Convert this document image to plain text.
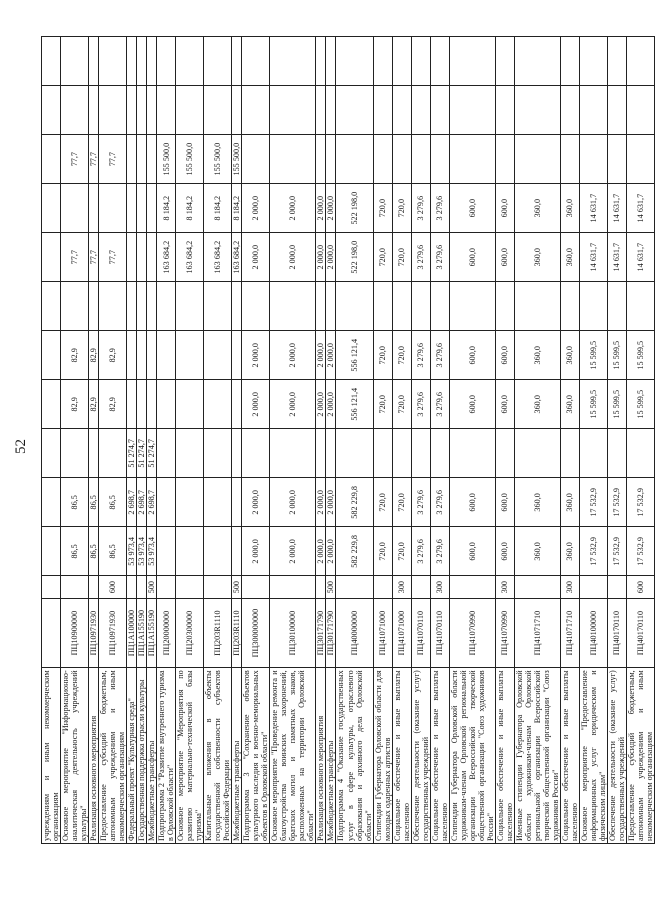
52
учреждениям и иным некоммерческим организациям													
Основное мероприятие "Информационно-аналитическая деятельность учреждений культуры"	ПЦ10900000		86,5	86,5		82,9	82,9		77,7		77,7		
Реализация основного мероприятия	ПЦ10971930		86,5	86,5		82,9	82,9		77,7		77,7		
Предоставление субсидий бюджетным, автономным учреждениям и иным некоммерческим организациям	ПЦ10971930	600	86,5	86,5		82,9	82,9		77,7		77,7		
Федеральный проект "Культурная среда"	ПЦ1А100000		53 973,4	2 698,7	51 274,7								
Государственная поддержка отрасли культуры	ПЦ1А155190		53 973,4	2 698,7	51 274,7								
Межбюджетные трансферты	ПЦ1А155190	500	53 973,4	2 698,7	51 274,7								
Подпрограмма 2 "Развитие внутреннего туризма в Орловской области"	ПЦ20000000								163 684,2	8 184,2	155 500,0		
Основное мероприятие "Мероприятия по развитию материально-технической базы туризма"	ПЦ20300000								163 684,2	8 184,2	155 500,0		
Капитальные вложения в объекты государственной собственности субъектов Российской Федерации	ПЦ203R1110								163 684,2	8 184,2	155 500,0		
Межбюджетные трансферты	ПЦ203R1110	500							163 684,2	8 184,2	155 500,0		
Подпрограмма 3 "Сохранение объектов культурного наследия и военно-мемориальных объектов в Орловской области"	ПЦ300000000		2 000,0	2 000,0		2 000,0	2 000,0		2 000,0	2 000,0			
Основное мероприятие "Проведение ремонта и благоустройства воинских захоронений, братских могил и памятных знаков, расположенных на территории Орловской области"	ПЦ30100000		2 000,0	2 000,0		2 000,0	2 000,0		2 000,0	2 000,0			
Реализация основного мероприятия	ПЦ30171790		2 000,0	2 000,0		2 000,0	2 000,0		2 000,0	2 000,0			
Межбюджетные трансферты	ПЦ30171790	500	2 000,0	2 000,0		2 000,0	2 000,0		2 000,0	2 000,0			
Подпрограмма 4 "Оказание государственных услуг в сфере культуры, отраслевого образования и архивного дела Орловской области"	ПЦ40000000		582 229,8	582 229,8		556 121,4	556 121,4		522 198,0	522 198,0			
Стипендии Губернатора Орловской области для молодых одаренных артистов	ПЦ41071000		720,0	720,0		720,0	720,0		720,0	720,0			
Социальное обеспечение и иные выплаты населению	ПЦ41071000	300	720,0	720,0		720,0	720,0		720,0	720,0			
Обеспечение деятельности (оказание услуг) государственных учреждений	ПЦ41070110		3 279,6	3 279,6		3 279,6	3 279,6		3 279,6	3 279,6			
Социальное обеспечение и иные выплаты населению	ПЦ41070110	300	3 279,6	3 279,6		3 279,6	3 279,6		3 279,6	3 279,6			
Стипендии Губернатора Орловской области художникам-членам Орловской региональной организации Всероссийской творческой общественной организации "Союз художников России"	ПЦ41070990		600,0	600,0		600,0	600,0		600,0	600,0			
Социальное обеспечение и иные выплаты населению	ПЦ41070990	300	600,0	600,0		600,0	600,0		600,0	600,0			
Именные стипендии Губернатора Орловской области художникам-членам Орловской региональной организации Всероссийской творческой общественной организации "Союз художников России"	ПЦ41071710		360,0	360,0		360,0	360,0		360,0	360,0			
Социальное обеспечение и иные выплаты населению	ПЦ41071710	300	360,0	360,0		360,0	360,0		360,0	360,0			
Основное мероприятие "Предоставление информационных услуг юридическим и физическим лицам"	ПЦ40100000		17 532,9	17 532,9		15 599,5	15 599,5		14 631,7	14 631,7			
Обеспечение деятельности (оказание услуг) государственных учреждений	ПЦ40170110		17 532,9	17 532,9		15 599,5	15 599,5		14 631,7	14 631,7			
Предоставление субсидий бюджетным, автономным учреждениям и иным некоммерческим организациям	ПЦ40170110	600	17 532,9	17 532,9		15 599,5	15 599,5		14 631,7	14 631,7			
